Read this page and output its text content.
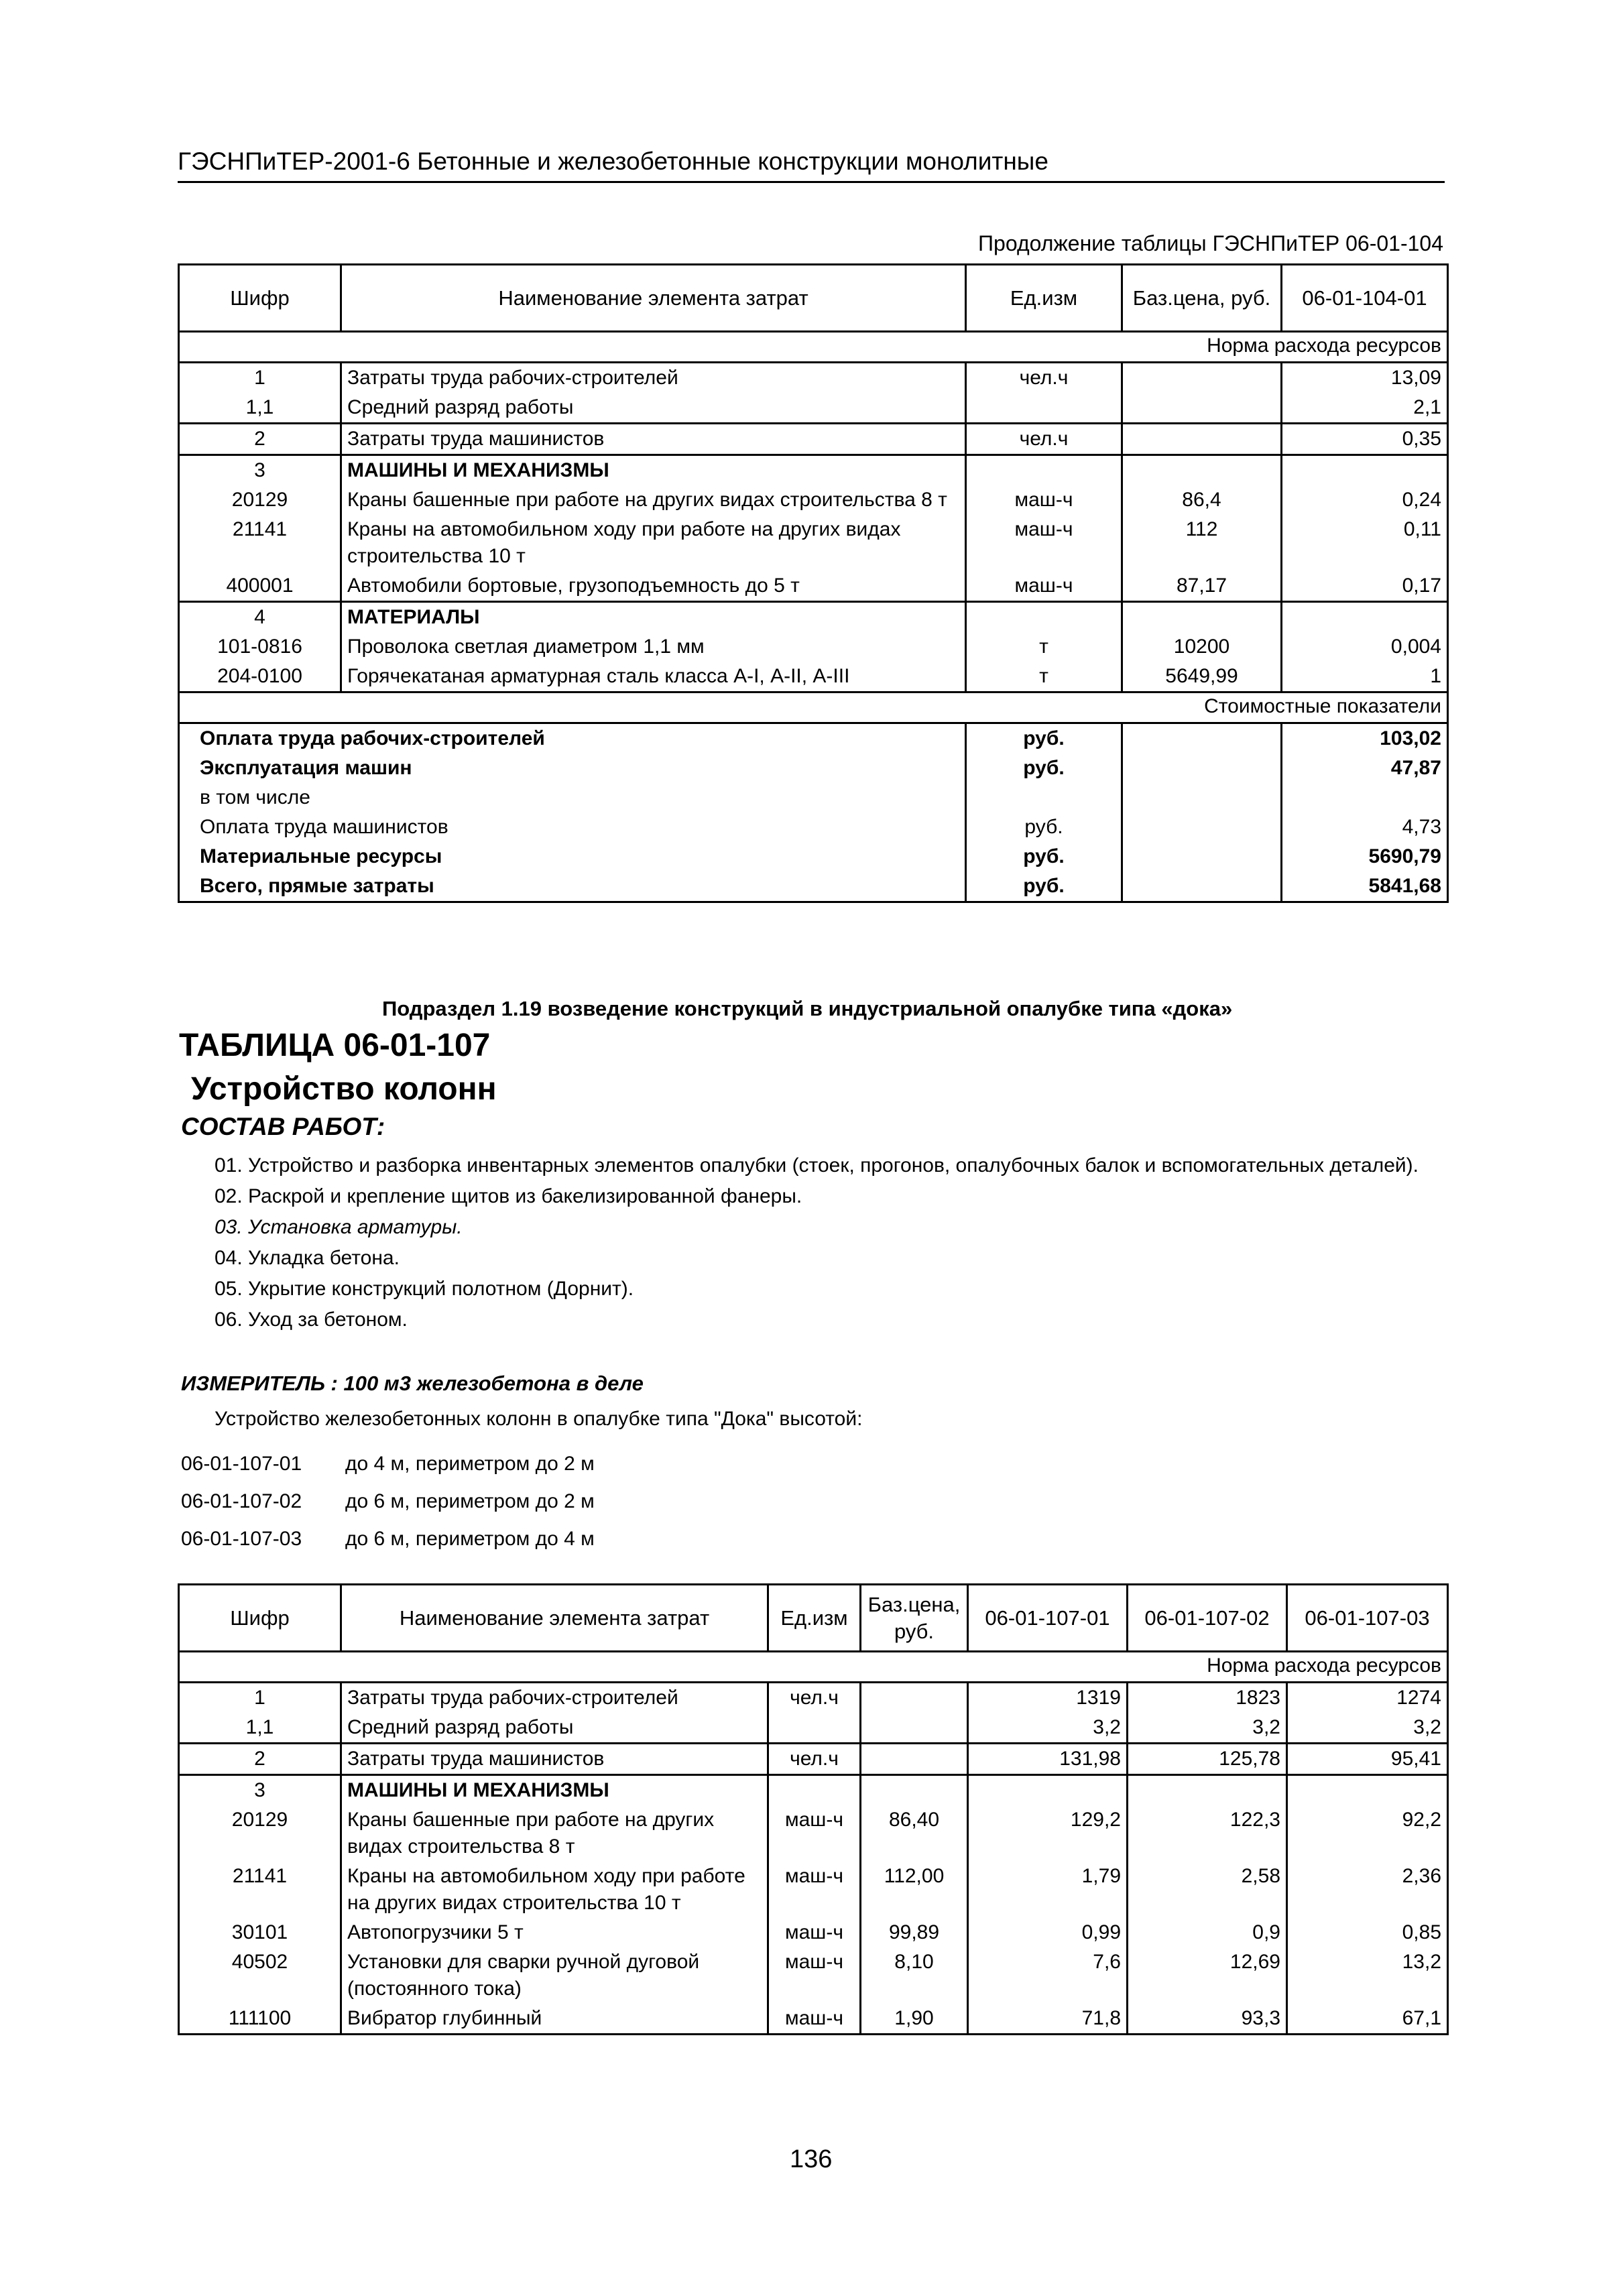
ГЭСНПиТЕР-2001-6 Бетонные и железобетонные конструкции монолитные
Продолжение таблицы ГЭСНПиТЕР 06-01-104
Шифр	Наименование элемента затрат	Ед.изм	Баз.цена, руб.	06-01-104-01
Норма расхода ресурсов				
1	Затраты труда рабочих-строителей	чел.ч		13,09
1,1	Средний разряд работы			2,1
2	Затраты труда машинистов	чел.ч		0,35
3	МАШИНЫ И МЕХАНИЗМЫ			
20129	Краны башенные при работе на других видах строительства 8 т	маш-ч	86,4	0,24
21141	Краны на автомобильном ходу при работе на других видах строительства 10 т	маш-ч	112	0,11
400001	Автомобили бортовые, грузоподъемность до 5 т	маш-ч	87,17	0,17
4	МАТЕРИАЛЫ			
101-0816	Проволока светлая диаметром 1,1 мм	т	10200	0,004
204-0100	Горячекатаная арматурная сталь класса А-I, А-II, А-III	т	5649,99	1
Стоимостные показатели				
Оплата труда рабочих-строителей		руб.		103,02
Эксплуатация машин		руб.		47,87
в том числе				
Оплата труда машинистов		руб.		4,73
Материальные ресурсы		руб.		5690,79
Всего, прямые затраты		руб.		5841,68
Подраздел 1.19 возведение конструкций в индустриальной опалубке типа «дока»
ТАБЛИЦА 06-01-107
Устройство колонн
СОСТАВ РАБОТ:
01. Устройство и разборка инвентарных элементов опалубки (стоек, прогонов, опалубочных балок и вспомогательных деталей).
02. Раскрой и крепление щитов из бакелизированной фанеры.
03. Установка арматуры.
04. Укладка бетона.
05. Укрытие конструкций полотном (Дорнит).
06. Уход за бетоном.
ИЗМЕРИТЕЛЬ : 100 м3 железобетона в деле
Устройство железобетонных колонн в опалубке типа "Дока" высотой:
06-01-107-01 до 4 м, периметром до 2 м
06-01-107-02 до 6 м, периметром до 2 м
06-01-107-03 до 6 м, периметром до 4 м
Шифр	Наименование элемента затрат	Ед.изм	Баз.цена, руб.	06-01-107-01	06-01-107-02	06-01-107-03
Норма расхода ресурсов						
1	Затраты труда рабочих-строителей	чел.ч		1319	1823	1274
1,1	Средний разряд работы			3,2	3,2	3,2
2	Затраты труда машинистов	чел.ч		131,98	125,78	95,41
3	МАШИНЫ И МЕХАНИЗМЫ					
20129	Краны башенные при работе на других видах строительства 8 т	маш-ч	86,40	129,2	122,3	92,2
21141	Краны на автомобильном ходу при работе на других видах строительства 10 т	маш-ч	112,00	1,79	2,58	2,36
30101	Автопогрузчики 5 т	маш-ч	99,89	0,99	0,9	0,85
40502	Установки для сварки ручной дуговой (постоянного тока)	маш-ч	8,10	7,6	12,69	13,2
111100	Вибратор глубинный	маш-ч	1,90	71,8	93,3	67,1
136
